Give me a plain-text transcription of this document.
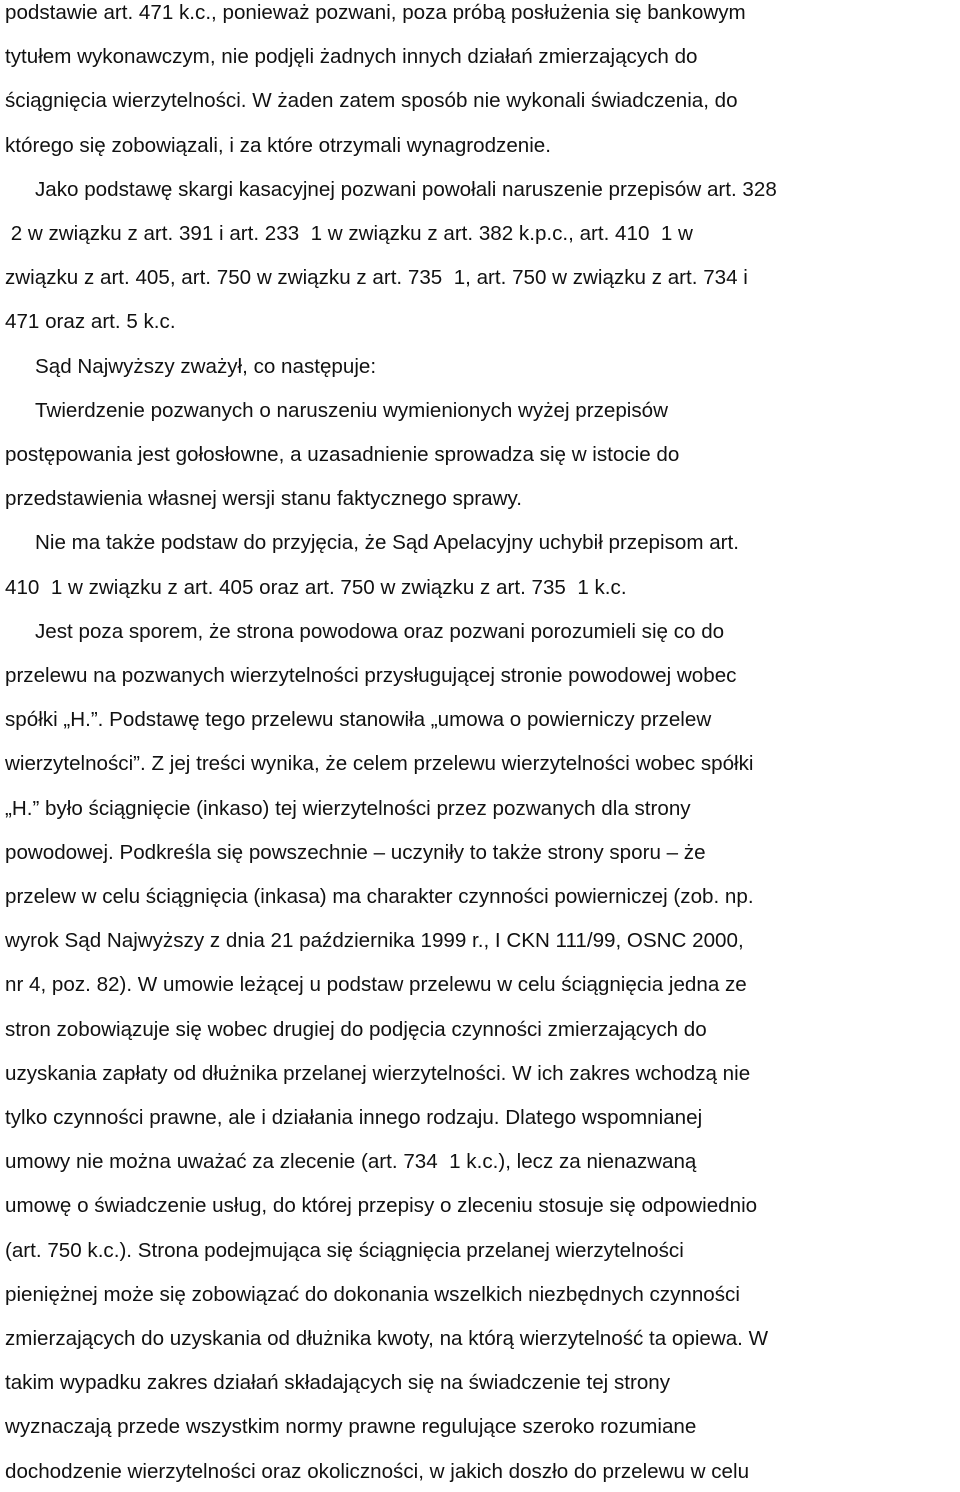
podstawie art. 471 k.c., ponieważ pozwani, poza próbą posłużenia się bankowym
tytułem wykonawczym, nie podjęli żadnych innych działań zmierzających do
ściągnięcia wierzytelności. W żaden zatem sposób nie wykonali świadczenia, do
którego się zobowiązali, i za które otrzymali wynagrodzenie.
Jako podstawę skargi kasacyjnej pozwani powołali naruszenie przepisów art. 328
2 w związku z art. 391 i art. 233  1 w związku z art. 382 k.p.c., art. 410  1 w
związku z art. 405, art. 750 w związku z art. 735  1, art. 750 w związku z art. 734 i
471 oraz art. 5 k.c.
Sąd Najwyższy zważył, co następuje:
Twierdzenie pozwanych o naruszeniu wymienionych wyżej przepisów
postępowania jest gołosłowne, a uzasadnienie sprowadza się w istocie do
przedstawienia własnej wersji stanu faktycznego sprawy.
Nie ma także podstaw do przyjęcia, że Sąd Apelacyjny uchybił przepisom art.
410  1 w związku z art. 405 oraz art. 750 w związku z art. 735  1 k.c.
Jest poza sporem, że strona powodowa oraz pozwani porozumieli się co do
przelewu na pozwanych wierzytelności przysługującej stronie powodowej wobec
spółki „H.”. Podstawę tego przelewu stanowiła „umowa o powierniczy przelew
wierzytelności”. Z jej treści wynika, że celem przelewu wierzytelności wobec spółki
„H.” było ściągnięcie (inkaso) tej wierzytelności przez pozwanych dla strony
powodowej. Podkreśla się powszechnie – uczyniły to także strony sporu – że
przelew w celu ściągnięcia (inkasa) ma charakter czynności powierniczej (zob. np.
wyrok Sąd Najwyższy z dnia 21 października 1999 r., I CKN 111/99, OSNC 2000,
nr 4, poz. 82). W umowie leżącej u podstaw przelewu w celu ściągnięcia jedna ze
stron zobowiązuje się wobec drugiej do podjęcia czynności zmierzających do
uzyskania zapłaty od dłużnika przelanej wierzytelności. W ich zakres wchodzą nie
tylko czynności prawne, ale i działania innego rodzaju. Dlatego wspomnianej
umowy nie można uważać za zlecenie (art. 734  1 k.c.), lecz za nienazwaną
umowę o świadczenie usług, do której przepisy o zleceniu stosuje się odpowiednio
(art. 750 k.c.). Strona podejmująca się ściągnięcia przelanej wierzytelności
pieniężnej może się zobowiązać do dokonania wszelkich niezbędnych czynności
zmierzających do uzyskania od dłużnika kwoty, na którą wierzytelność ta opiewa. W
takim wypadku zakres działań składających się na świadczenie tej strony
wyznaczają przede wszystkim normy prawne regulujące szeroko rozumiane
dochodzenie wierzytelności oraz okoliczności, w jakich doszło do przelewu w celu
